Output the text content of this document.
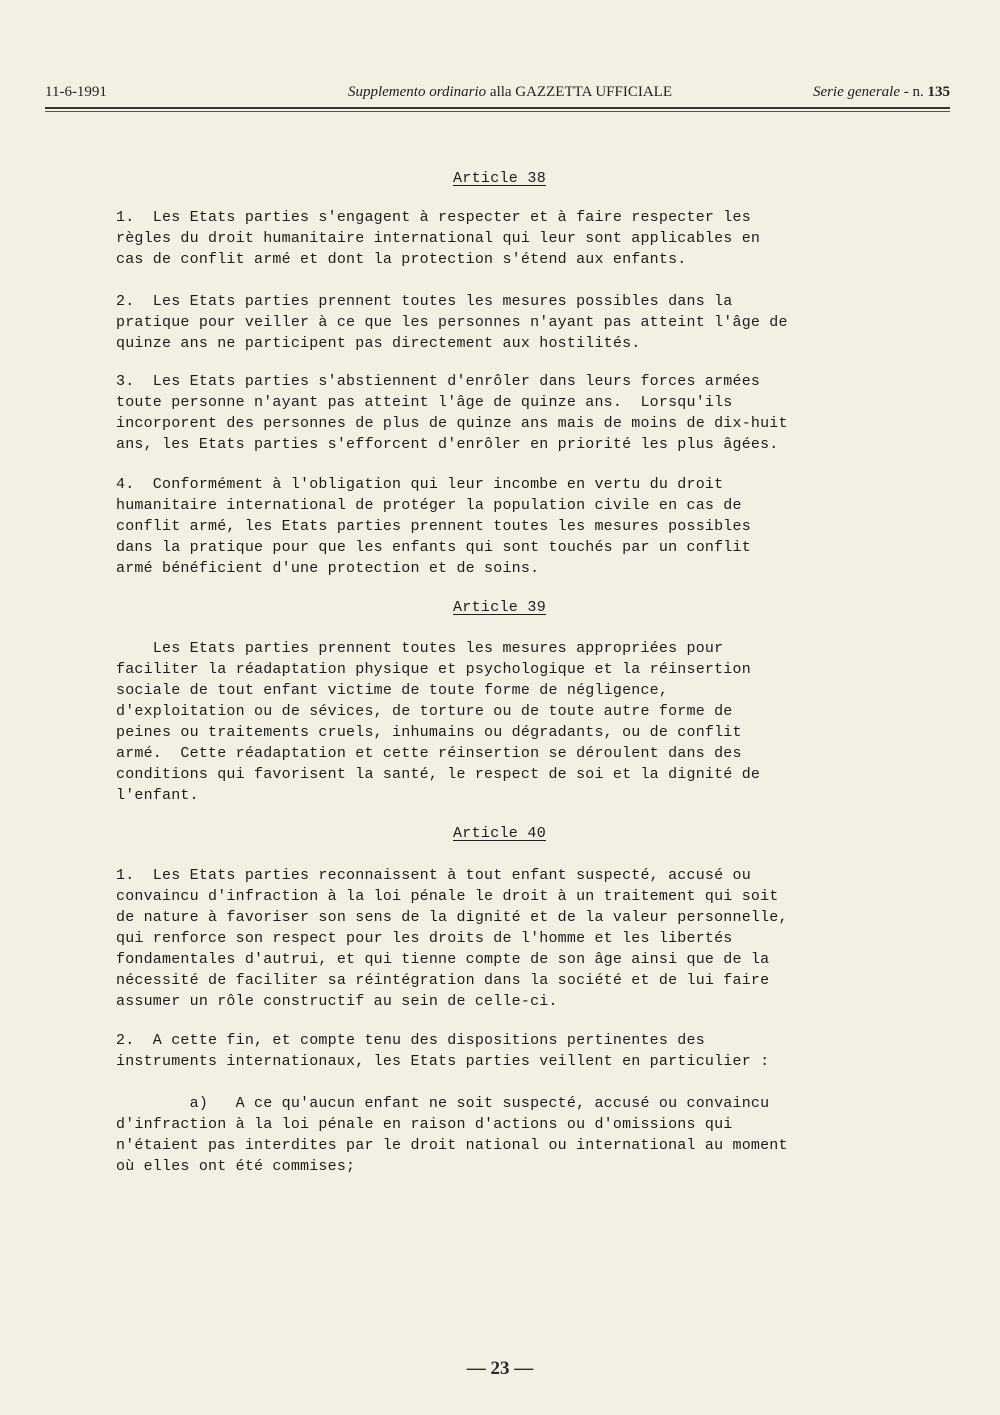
11-6-1991	Supplemento ordinario alla GAZZETTA UFFICIALE	Serie generale - n. 135
Article 38
1.  Les Etats parties s'engagent à respecter et à faire respecter les
règles du droit humanitaire international qui leur sont applicables en
cas de conflit armé et dont la protection s'étend aux enfants.
2.  Les Etats parties prennent toutes les mesures possibles dans la
pratique pour veiller à ce que les personnes n'ayant pas atteint l'âge de
quinze ans ne participent pas directement aux hostilités.
3.  Les Etats parties s'abstiennent d'enrôler dans leurs forces armées
toute personne n'ayant pas atteint l'âge de quinze ans.  Lorsqu'ils
incorporent des personnes de plus de quinze ans mais de moins de dix-huit
ans, les Etats parties s'efforcent d'enrôler en priorité les plus âgées.
4.  Conformément à l'obligation qui leur incombe en vertu du droit
humanitaire international de protéger la population civile en cas de
conflit armé, les Etats parties prennent toutes les mesures possibles
dans la pratique pour que les enfants qui sont touchés par un conflit
armé bénéficient d'une protection et de soins.
Article 39
Les Etats parties prennent toutes les mesures appropriées pour
faciliter la réadaptation physique et psychologique et la réinsertion
sociale de tout enfant victime de toute forme de négligence,
d'exploitation ou de sévices, de torture ou de toute autre forme de
peines ou traitements cruels, inhumains ou dégradants, ou de conflit
armé.  Cette réadaptation et cette réinsertion se déroulent dans des
conditions qui favorisent la santé, le respect de soi et la dignité de
l'enfant.
Article 40
1.  Les Etats parties reconnaissent à tout enfant suspecté, accusé ou
convaincu d'infraction à la loi pénale le droit à un traitement qui soit
de nature à favoriser son sens de la dignité et de la valeur personnelle,
qui renforce son respect pour les droits de l'homme et les libertés
fondamentales d'autrui, et qui tienne compte de son âge ainsi que de la
nécessité de faciliter sa réintégration dans la société et de lui faire
assumer un rôle constructif au sein de celle-ci.
2.  A cette fin, et compte tenu des dispositions pertinentes des
instruments internationaux, les Etats parties veillent en particulier :
a)   A ce qu'aucun enfant ne soit suspecté, accusé ou convaincu
d'infraction à la loi pénale en raison d'actions ou d'omissions qui
n'étaient pas interdites par le droit national ou international au moment
où elles ont été commises;
— 23 —
